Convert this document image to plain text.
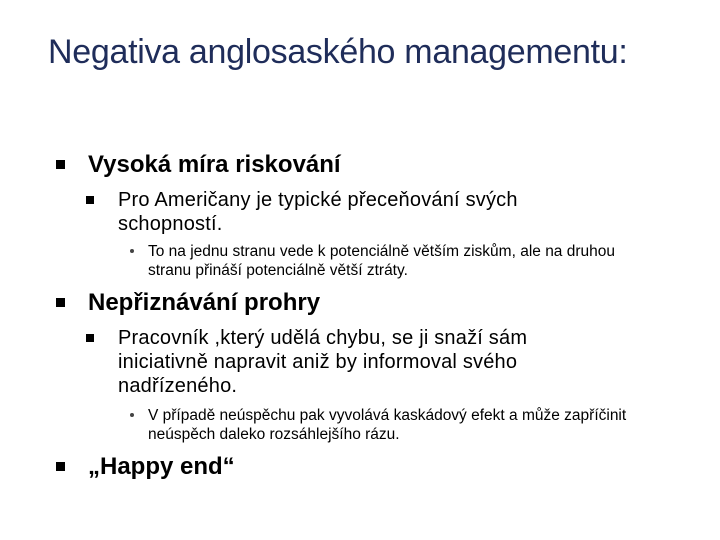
Negativa anglosaského managementu:
Vysoká míra riskování
Pro Američany je typické přeceňování svých schopností.
To na jednu stranu vede k potenciálně větším ziskům, ale na druhou stranu přináší potenciálně větší ztráty.
Nepřiznávání prohry
Pracovník ,který udělá chybu, se ji snaží sám iniciativně napravit aniž by informoval svého nadřízeného.
V případě neúspěchu pak vyvolává kaskádový efekt a může zapříčinit neúspěch daleko rozsáhlejšího rázu.
„Happy end“
